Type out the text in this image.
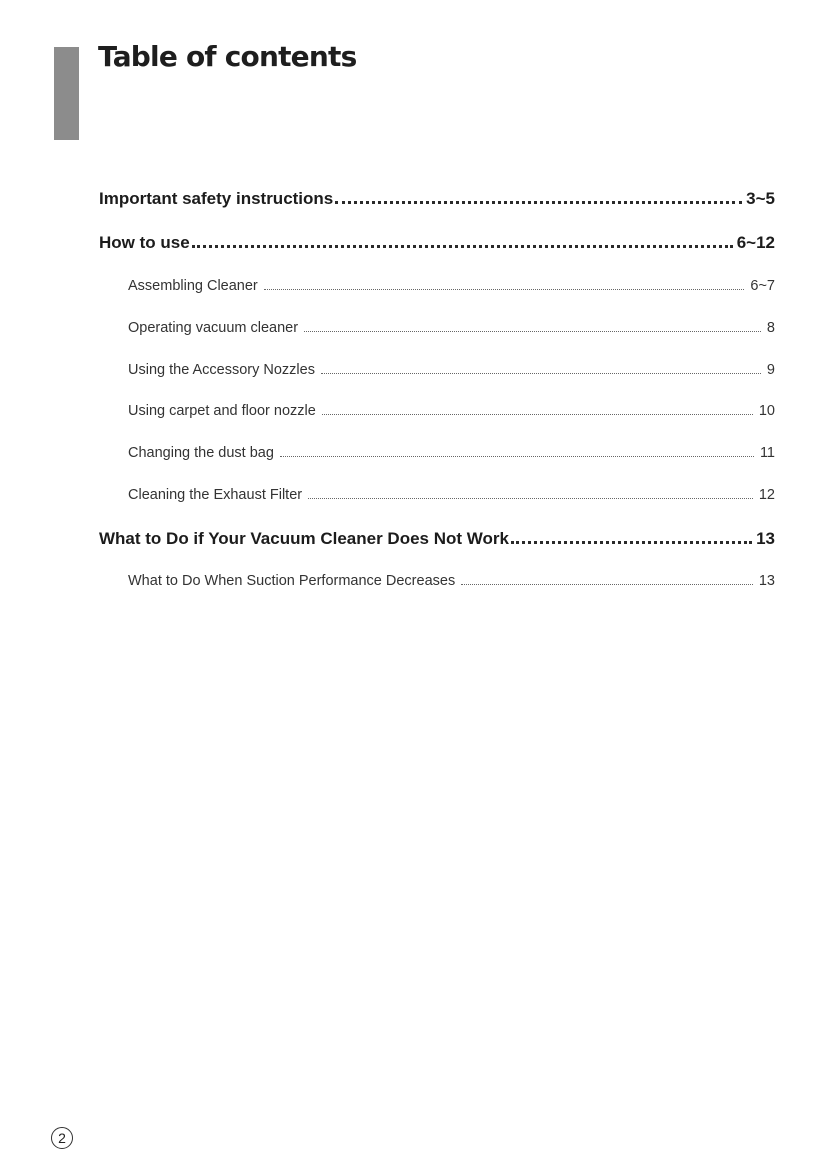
Table of contents
Important safety instructions	3~5
How to use	6~12
Assembling Cleaner	6~7
Operating vacuum cleaner	8
Using the Accessory Nozzles	9
Using carpet and floor nozzle	10
Changing the dust bag	11
Cleaning the Exhaust Filter	12
What to Do if Your Vacuum Cleaner Does Not Work	13
What to Do When Suction Performance Decreases	13
2
